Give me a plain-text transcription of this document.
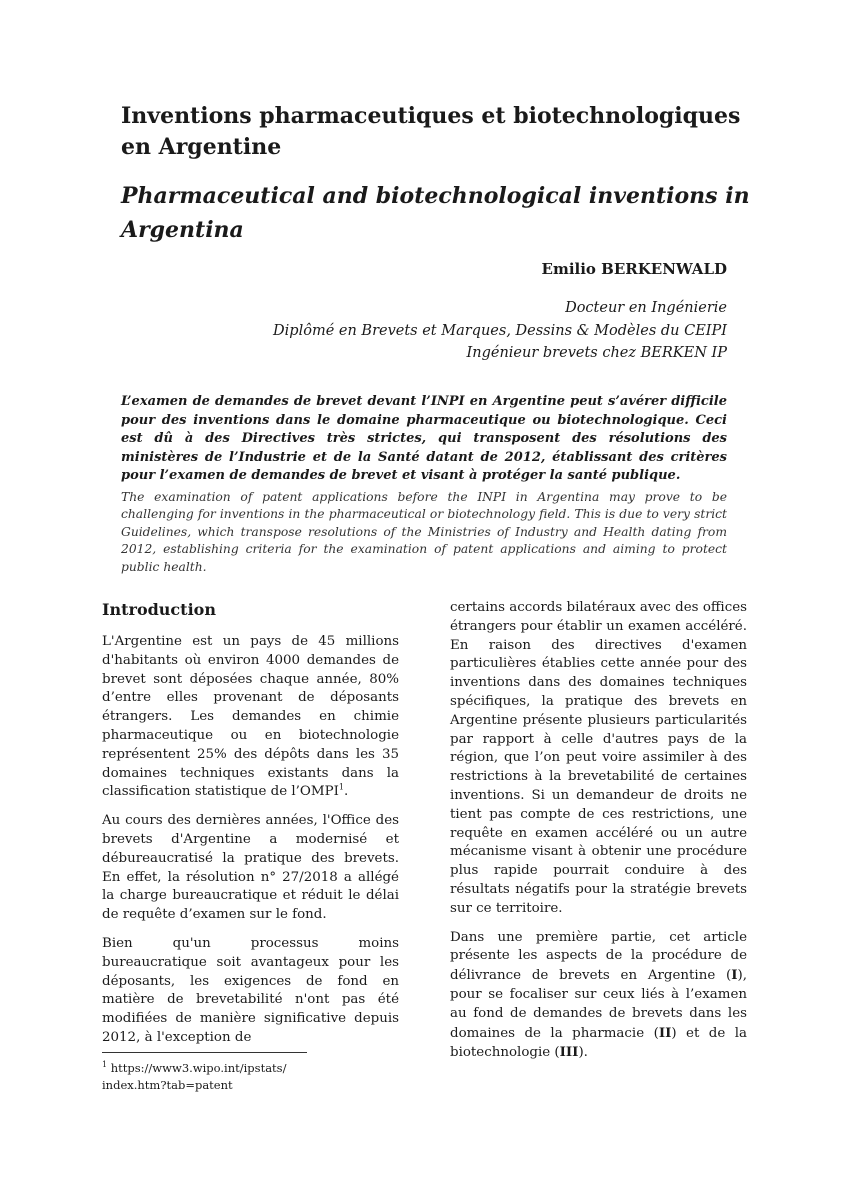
Inventions pharmaceutiques et biotechnologiques en Argentine
Pharmaceutical and biotechnological inventions in Argentina
Emilio BERKENWALD
Docteur en Ingénierie
Diplômé en Brevets et Marques, Dessins & Modèles du CEIPI
Ingénieur brevets chez BERKEN IP

L’examen de demandes de brevet devant l’INPI en Argentine peut s’avérer difficile pour des inventions dans le domaine pharmaceutique ou biotechnologique. Ceci est dû à des Directives très strictes, qui transposent des résolutions des ministères de l’Industrie et de la Santé datant de 2012, établissant des critères pour l’examen de demandes de brevet et visant à protéger la santé publique.

The examination of patent applications before the INPI in Argentina may prove to be challenging for inventions in the pharmaceutical or biotechnology field. This is due to very strict Guidelines, which transpose resolutions of the Ministries of Industry and Health dating from 2012, establishing criteria for the examination of patent applications and aiming to protect public health.

Introduction

L'Argentine est un pays de 45 millions d'habitants où environ 4000 demandes de brevet sont déposées chaque année, 80% d’entre elles provenant de déposants étrangers. Les demandes en chimie pharmaceutique ou en biotechnologie représentent 25% des dépôts dans les 35 domaines techniques existants dans la classification statistique de l’OMPI$^1$.

Au cours des dernières années, l'Office des brevets d'Argentine a modernisé et débureaucratisé la pratique des brevets. En effet, la résolution n° 27/2018 a allégé la charge bureaucratique et réduit le délai de requête d’examen sur le fond.

Bien qu'un processus moins bureaucratique soit avantageux pour les déposants, les exigences de fond en matière de brevetabilité n'ont pas été modifiées de manière significative depuis 2012, à l'exception de

certains accords bilatéraux avec des offices étrangers pour établir un examen accéléré. En raison des directives d'examen particulières établies cette année pour des inventions dans des domaines techniques spécifiques, la pratique des brevets en Argentine présente plusieurs particularités par rapport à celle d'autres pays de la région, que l’on peut voire assimiler à des restrictions à la brevetabilité de certaines inventions. Si un demandeur de droits ne tient pas compte de ces restrictions, une requête en examen accéléré ou un autre mécanisme visant à obtenir une procédure plus rapide pourrait conduire à des résultats négatifs pour la stratégie brevets sur ce territoire.

Dans une première partie, cet article présente les aspects de la procédure de délivrance de brevets en Argentine (I), pour se focaliser sur ceux liés à l’examen au fond de demandes de brevets dans les domaines de la pharmacie (II) et de la biotechnologie (III).

$^1$ https://www3.wipo.int/ipstats/index.htm?tab=patent
